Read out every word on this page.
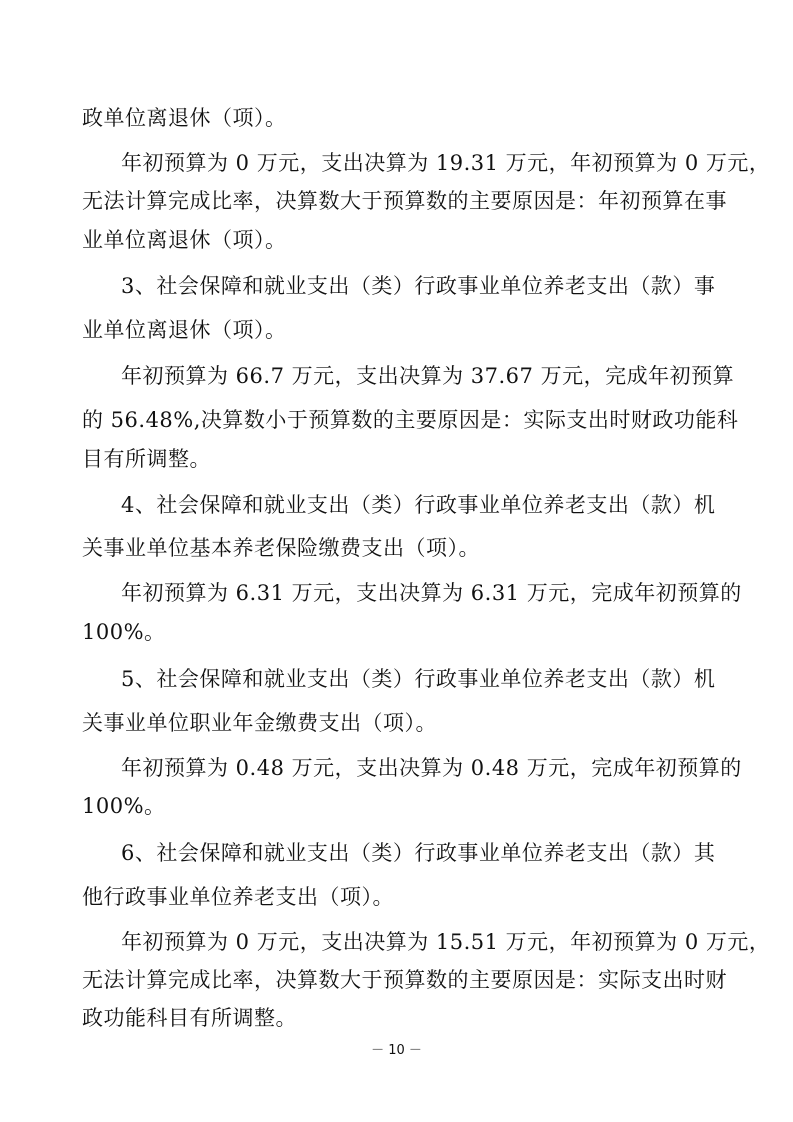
政单位离退休（项）。
年初预算为 0 万元，支出决算为 19.31 万元，年初预算为 0 万元，
无法计算完成比率，决算数大于预算数的主要原因是：年初预算在事
业单位离退休（项）。
3、社会保障和就业支出（类）行政事业单位养老支出（款）事
业单位离退休（项）。
年初预算为 66.7 万元，支出决算为 37.67 万元，完成年初预算
的 56.48%,决算数小于预算数的主要原因是：实际支出时财政功能科
目有所调整。
4、社会保障和就业支出（类）行政事业单位养老支出（款）机
关事业单位基本养老保险缴费支出（项）。
年初预算为 6.31 万元，支出决算为 6.31 万元，完成年初预算的
100%。
5、社会保障和就业支出（类）行政事业单位养老支出（款）机
关事业单位职业年金缴费支出（项）。
年初预算为 0.48 万元，支出决算为 0.48 万元，完成年初预算的
100%。
6、社会保障和就业支出（类）行政事业单位养老支出（款）其
他行政事业单位养老支出（项）。
年初预算为 0 万元，支出决算为 15.51 万元，年初预算为 0 万元，
无法计算完成比率，决算数大于预算数的主要原因是：实际支出时财
政功能科目有所调整。
－ 10 －
